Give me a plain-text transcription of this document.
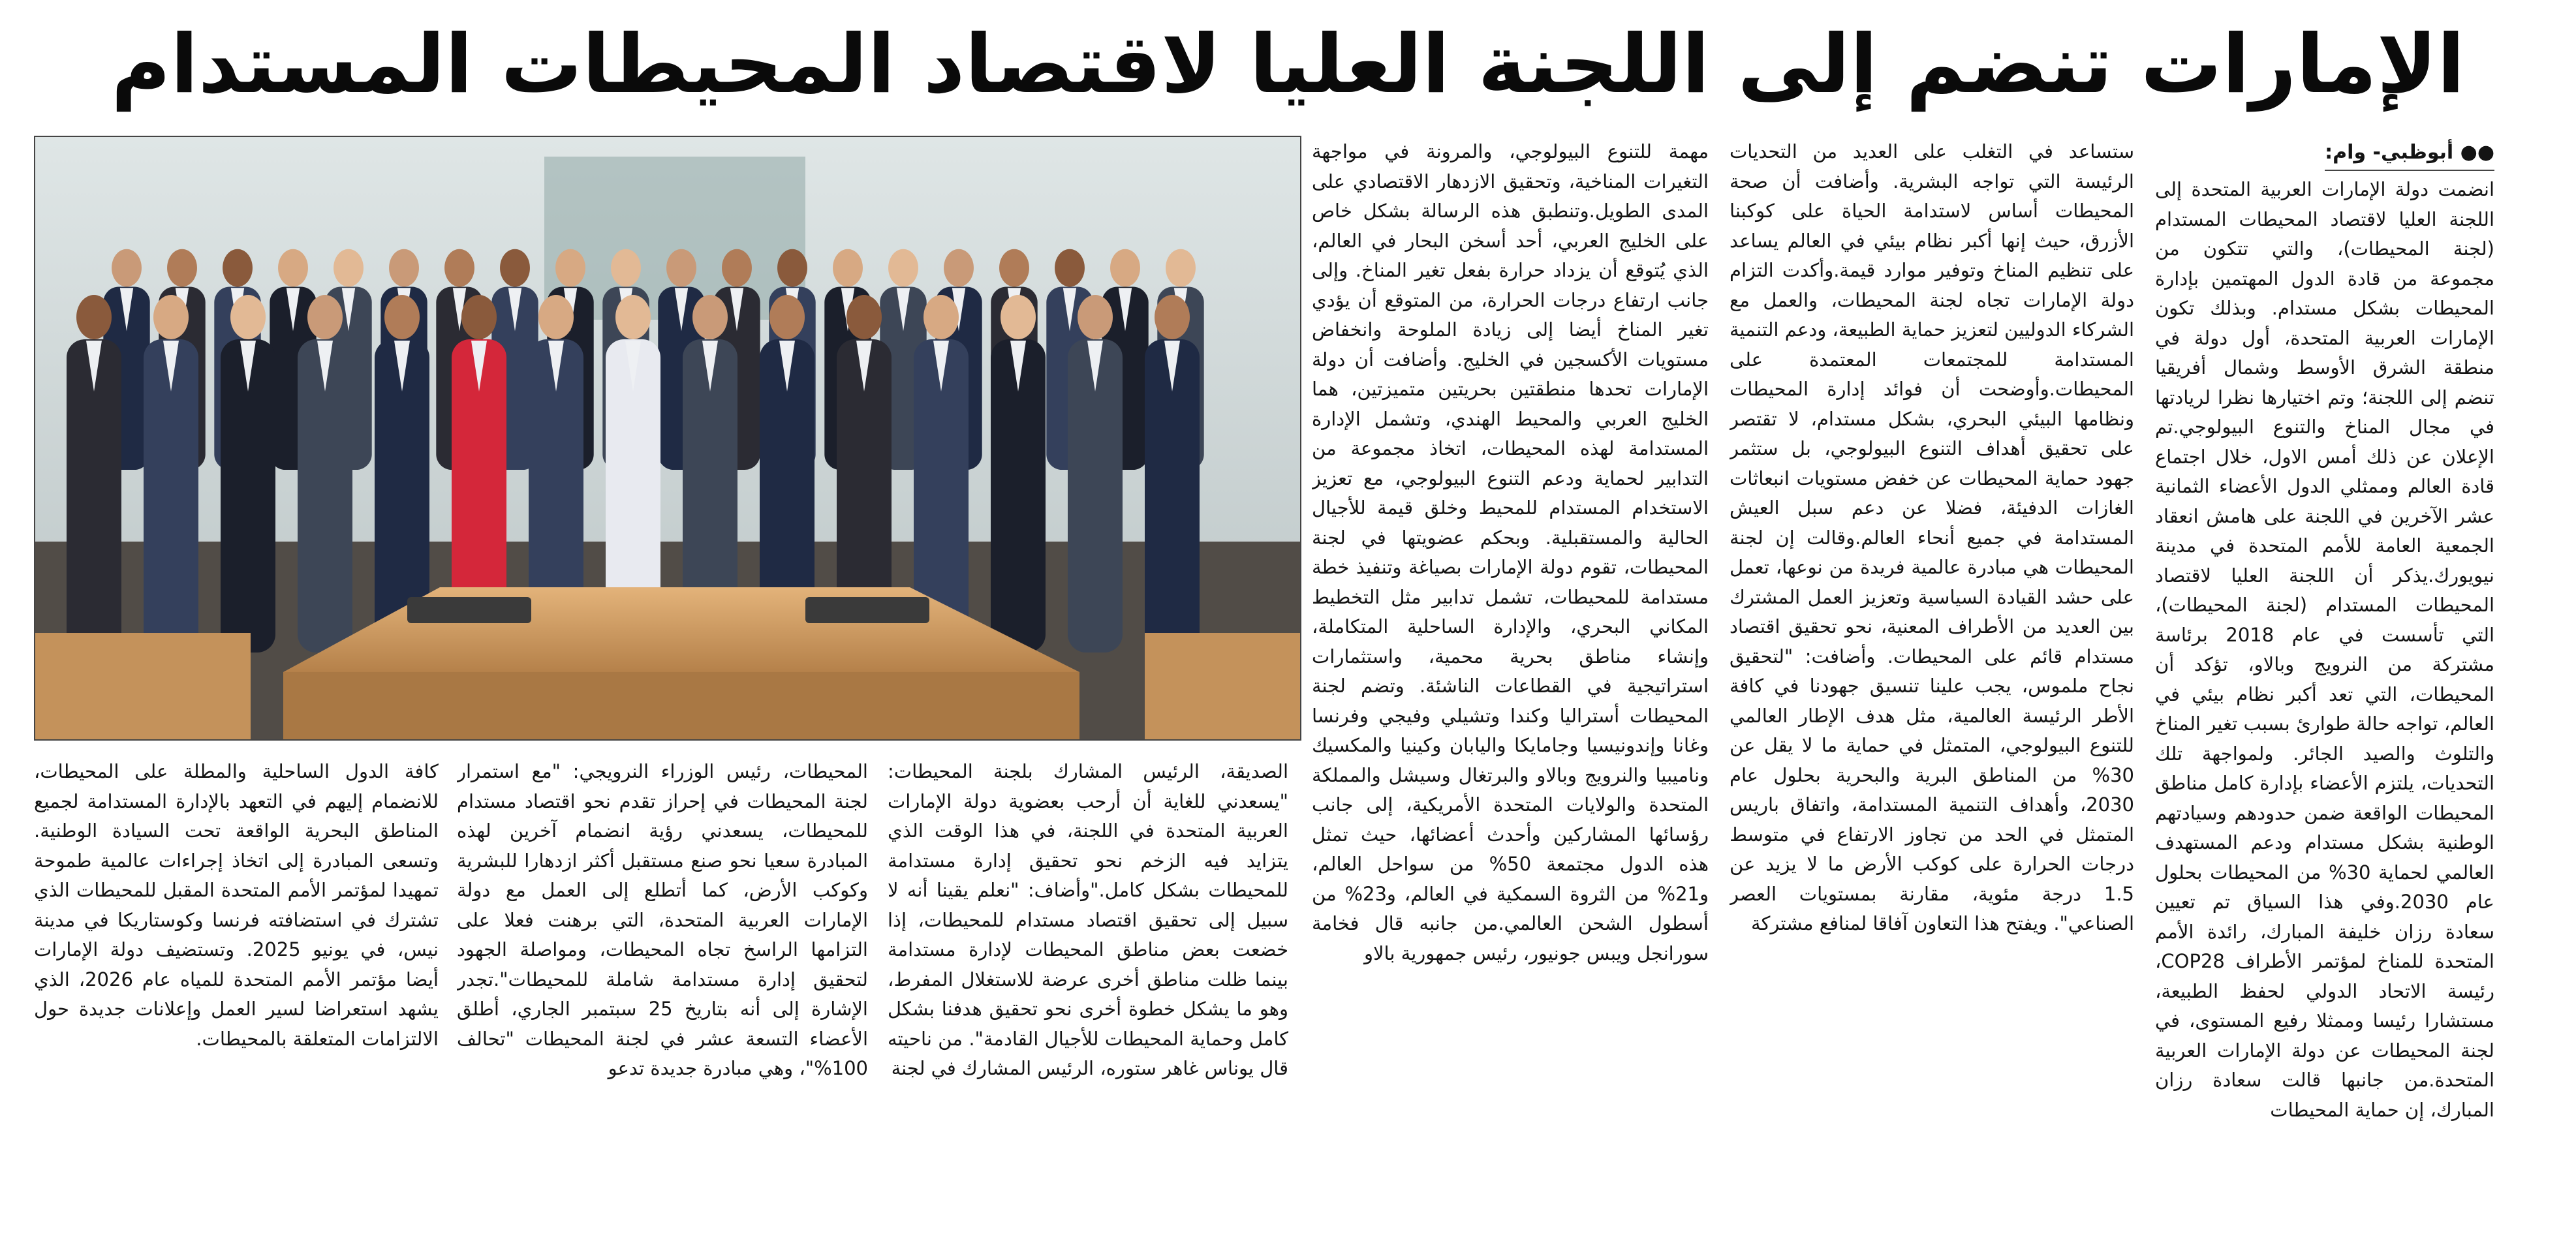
الإمارات تنضم إلى اللجنة العليا لاقتصاد المحيطات المستدام
●● أبوظبي- وام:

انضمت دولة الإمارات العربية المتحدة إلى اللجنة العليا لاقتصاد المحيطات المستدام (لجنة المحيطات)، والتي تتكون من مجموعة من قادة الدول المهتمين بإدارة المحيطات بشكل مستدام. وبذلك تكون الإمارات العربية المتحدة، أول دولة في منطقة الشرق الأوسط وشمال أفريقيا تنضم إلى اللجنة؛ وتم اختيارها نظرا لريادتها في مجال المناخ والتنوع البيولوجي.تم الإعلان عن ذلك أمس الاول، خلال اجتماع قادة العالم وممثلي الدول الأعضاء الثمانية عشر الآخرين في اللجنة على هامش انعقاد الجمعية العامة للأمم المتحدة في مدينة نيويورك.يذكر أن اللجنة العليا لاقتصاد المحيطات المستدام (لجنة المحيطات)، التي تأسست في عام 2018 برئاسة مشتركة من النرويج وبالاو، تؤكد أن المحيطات، التي تعد أكبر نظام بيئي في العالم، تواجه حالة طوارئ بسبب تغير المناخ والتلوث والصيد الجائر. ولمواجهة تلك التحديات، يلتزم الأعضاء بإدارة كامل مناطق المحيطات الواقعة ضمن حدودهم وسيادتهم الوطنية بشكل مستدام ودعم المستهدف العالمي لحماية 30% من المحيطات بحلول عام 2030.وفي هذا السياق تم تعيين سعادة رزان خليفة المبارك، رائدة الأمم المتحدة للمناخ لمؤتمر الأطراف COP28، رئيسة الاتحاد الدولي لحفظ الطبيعة، مستشارا رئيسا وممثلا رفيع المستوى، في لجنة المحيطات عن دولة الإمارات العربية المتحدة.من جانبها قالت سعادة رزان المبارك، إن حماية المحيطات

ستساعد في التغلب على العديد من التحديات الرئيسة التي تواجه البشرية. وأضافت أن صحة المحيطات أساس لاستدامة الحياة على كوكبنا الأزرق، حيث إنها أكبر نظام بيئي في العالم يساعد على تنظيم المناخ وتوفير موارد قيمة.وأكدت التزام دولة الإمارات تجاه لجنة المحيطات، والعمل مع الشركاء الدوليين لتعزيز حماية الطبيعة، ودعم التنمية المستدامة للمجتمعات المعتمدة على المحيطات.وأوضحت أن فوائد إدارة المحيطات ونظامها البيئي البحري، بشكل مستدام، لا تقتصر على تحقيق أهداف التنوع البيولوجي، بل ستثمر جهود حماية المحيطات عن خفض مستويات انبعاثات الغازات الدفيئة، فضلا عن دعم سبل العيش المستدامة في جميع أنحاء العالم.وقالت إن لجنة المحيطات هي مبادرة عالمية فريدة من نوعها، تعمل على حشد القيادة السياسية وتعزيز العمل المشترك بين العديد من الأطراف المعنية، نحو تحقيق اقتصاد مستدام قائم على المحيطات. وأضافت: "لتحقيق نجاح ملموس، يجب علينا تنسيق جهودنا في كافة الأطر الرئيسة العالمية، مثل هدف الإطار العالمي للتنوع البيولوجي، المتمثل في حماية ما لا يقل عن 30% من المناطق البرية والبحرية بحلول عام 2030، وأهداف التنمية المستدامة، واتفاق باريس المتمثل في الحد من تجاوز الارتفاع في متوسط درجات الحرارة على كوكب الأرض ما لا يزيد عن 1.5 درجة مئوية، مقارنة بمستويات العصر الصناعي". ويفتح هذا التعاون آفاقا لمنافع مشتركة

مهمة للتنوع البيولوجي، والمرونة في مواجهة التغيرات المناخية، وتحقيق الازدهار الاقتصادي على المدى الطويل.وتنطبق هذه الرسالة بشكل خاص على الخليج العربي، أحد أسخن البحار في العالم، الذي يُتوقع أن يزداد حرارة بفعل تغير المناخ. وإلى جانب ارتفاع درجات الحرارة، من المتوقع أن يؤدي تغير المناخ أيضا إلى زيادة الملوحة وانخفاض مستويات الأكسجين في الخليج. وأضافت أن دولة الإمارات تحدها منطقتين بحريتين متميزتين، هما الخليج العربي والمحيط الهندي، وتشمل الإدارة المستدامة لهذه المحيطات، اتخاذ مجموعة من التدابير لحماية ودعم التنوع البيولوجي، مع تعزيز الاستخدام المستدام للمحيط وخلق قيمة للأجيال الحالية والمستقبلية. وبحكم عضويتها في لجنة المحيطات، تقوم دولة الإمارات بصياغة وتنفيذ خطة مستدامة للمحيطات، تشمل تدابير مثل التخطيط المكاني البحري، والإدارة الساحلية المتكاملة، وإنشاء مناطق بحرية محمية، واستثمارات استراتيجية في القطاعات الناشئة. وتضم لجنة المحيطات أستراليا وكندا وتشيلي وفيجي وفرنسا وغانا وإندونيسيا وجامايكا واليابان وكينيا والمكسيك وناميبيا والنرويج وبالاو والبرتغال وسيشل والمملكة المتحدة والولايات المتحدة الأمريكية، إلى جانب رؤسائها المشاركين وأحدث أعضائها، حيث تمثل هذه الدول مجتمعة 50% من سواحل العالم، و21% من الثروة السمكية في العالم، و23% من أسطول الشحن العالمي.من جانبه قال فخامة سورانجل ويبس جونيور، رئيس جمهورية بالاو

الصديقة، الرئيس المشارك بلجنة المحيطات: "يسعدني للغاية أن أرحب بعضوية دولة الإمارات العربية المتحدة في اللجنة، في هذا الوقت الذي يتزايد فيه الزخم نحو تحقيق إدارة مستدامة للمحيطات بشكل كامل."وأضاف: "نعلم يقينا أنه لا سبيل إلى تحقيق اقتصاد مستدام للمحيطات، إذا خضعت بعض مناطق المحيطات لإدارة مستدامة بينما ظلت مناطق أخرى عرضة للاستغلال المفرط، وهو ما يشكل خطوة أخرى نحو تحقيق هدفنا بشكل كامل وحماية المحيطات للأجيال القادمة". من ناحيته قال يوناس غاهر ستوره، الرئيس المشارك في لجنة

المحيطات، رئيس الوزراء النرويجي: "مع استمرار لجنة المحيطات في إحراز تقدم نحو اقتصاد مستدام للمحيطات، يسعدني رؤية انضمام آخرين لهذه المبادرة سعيا نحو صنع مستقبل أكثر ازدهارا للبشرية وكوكب الأرض، كما أتطلع إلى العمل مع دولة الإمارات العربية المتحدة، التي برهنت فعلا على التزامها الراسخ تجاه المحيطات، ومواصلة الجهود لتحقيق إدارة مستدامة شاملة للمحيطات".تجدر الإشارة إلى أنه بتاريخ 25 سبتمبر الجاري، أطلق الأعضاء التسعة عشر في لجنة المحيطات "تحالف 100%"، وهي مبادرة جديدة تدعو

كافة الدول الساحلية والمطلة على المحيطات، للانضمام إليهم في التعهد بالإدارة المستدامة لجميع المناطق البحرية الواقعة تحت السيادة الوطنية. وتسعى المبادرة إلى اتخاذ إجراءات عالمية طموحة تمهيدا لمؤتمر الأمم المتحدة المقبل للمحيطات الذي تشترك في استضافته فرنسا وكوستاريكا في مدينة نيس، في يونيو 2025. وتستضيف دولة الإمارات أيضا مؤتمر الأمم المتحدة للمياه عام 2026، الذي يشهد استعراضا لسير العمل وإعلانات جديدة حول الالتزامات المتعلقة بالمحيطات.
